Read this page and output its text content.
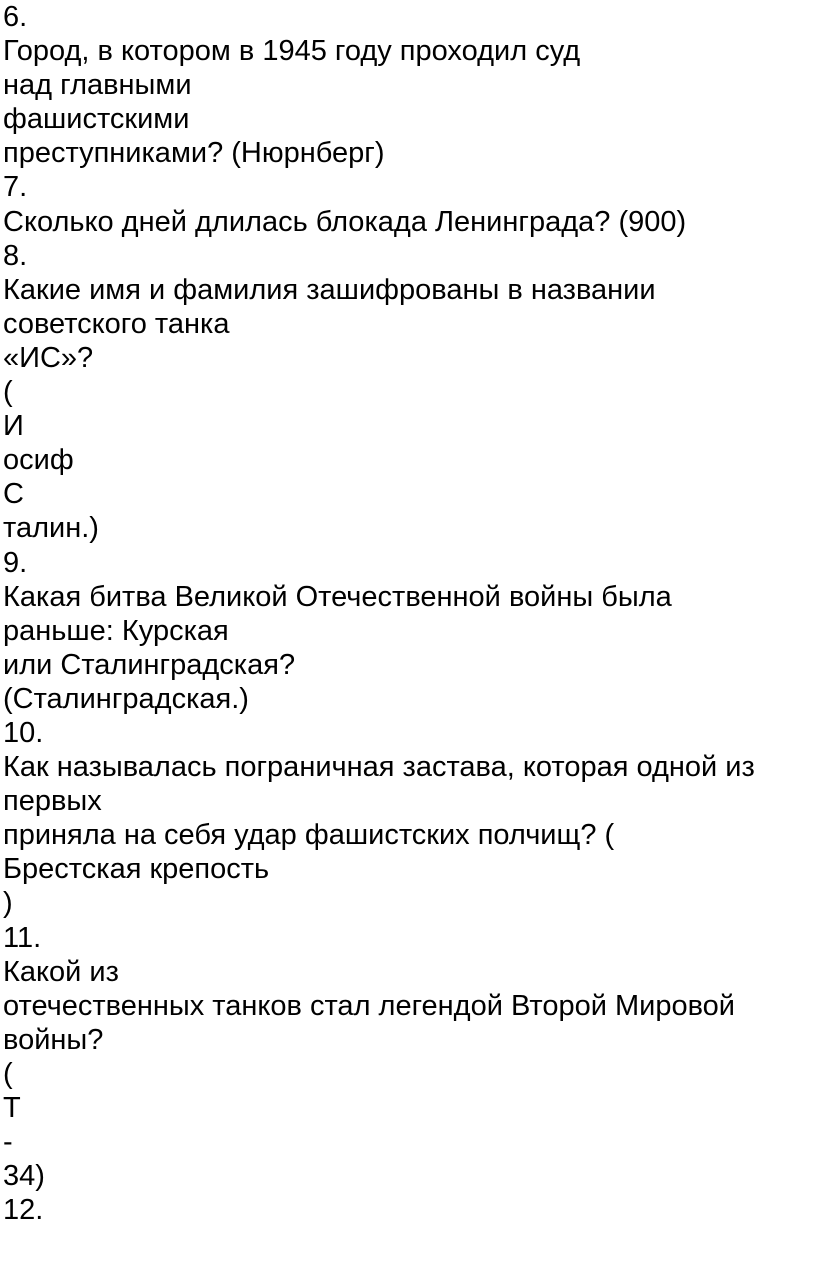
6.
Город, в котором в 1945 году проходил суд
над главными
фашистскими
преступниками? (Нюрнберг)
7.
Сколько дней длилась блокада Ленинграда? (900)
8.
Какие имя и фамилия зашифрованы в названии
советского танка
«ИС»?
(
И
осиф
С
талин.)
9.
Какая битва Великой Отечественной войны была
раньше: Курская
или Сталинградская?
(Сталинградская.)
10.
Как называлась пограничная застава, которая одной из
первых
приняла на себя удар фашистских полчищ? (
Брестская крепость
)
11.
Какой из
отечественных танков стал легендой Второй Мировой
войны?
(
Т
-
34)
12.
